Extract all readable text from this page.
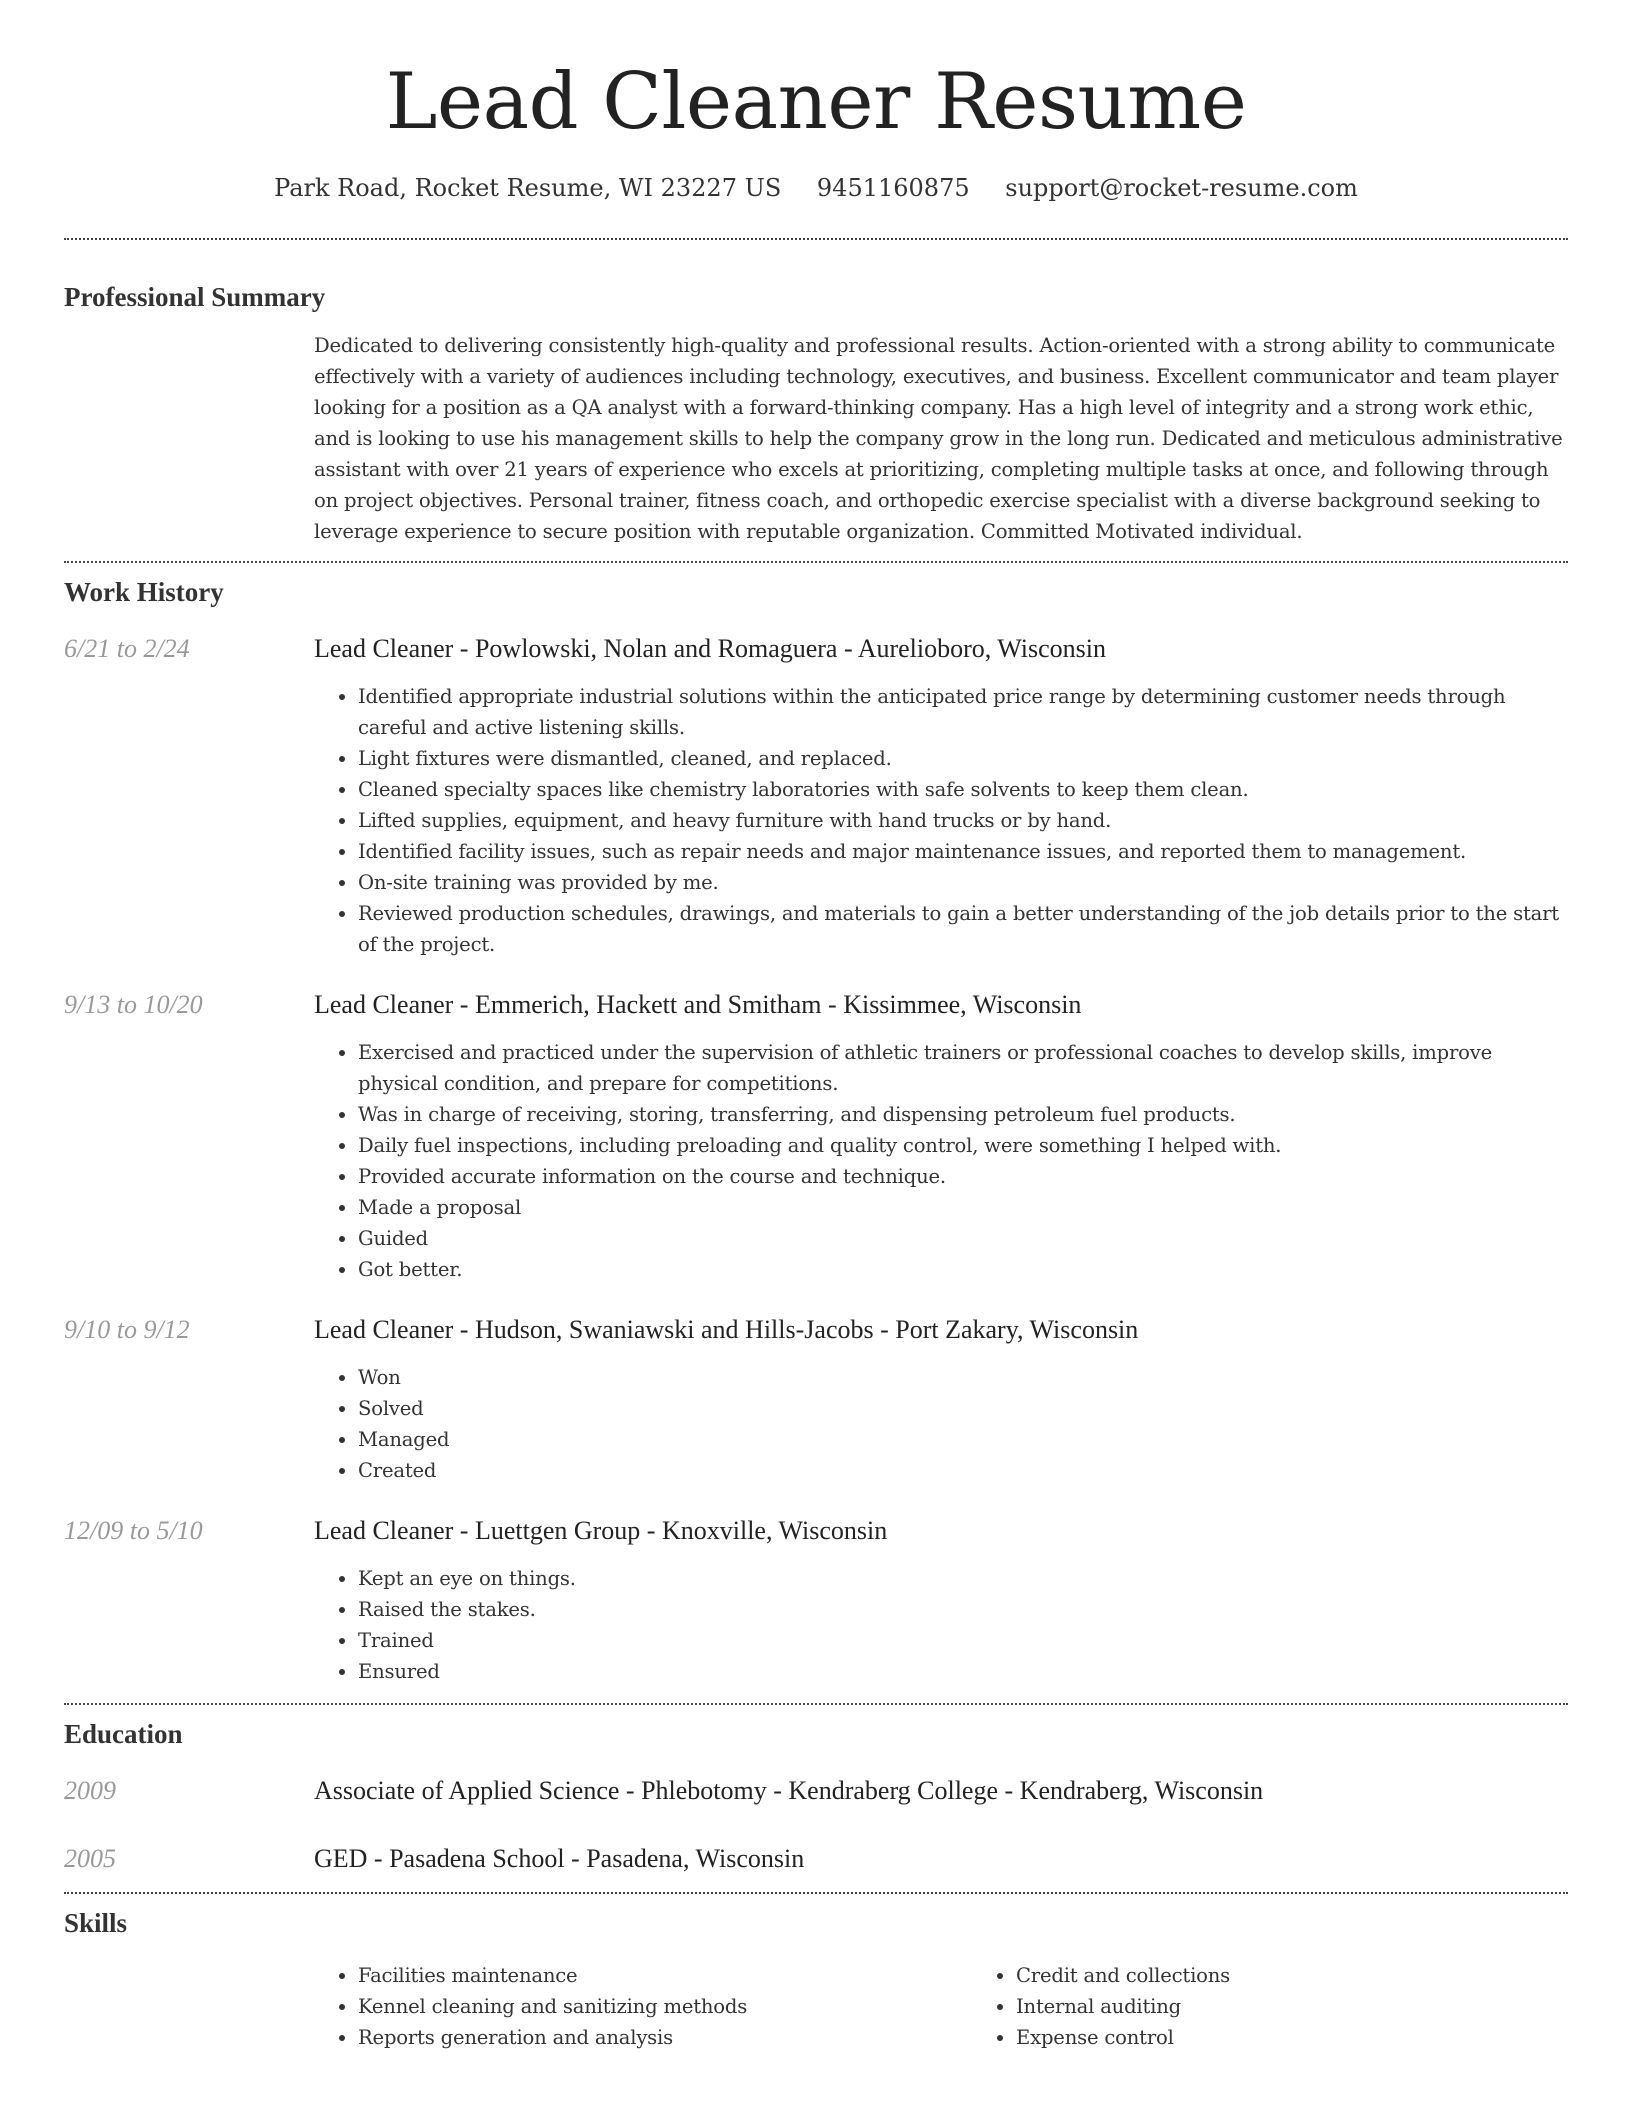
Lead Cleaner Resume
Park Road, Rocket Resume, WI 23227 US 9451160875 support@rocket-resume.com
Professional Summary

Dedicated to delivering consistently high-quality and professional results. Action-oriented with a strong ability to communicate effectively with a variety of audiences including technology, executives, and business. Excellent communicator and team player looking for a position as a QA analyst with a forward-thinking company. Has a high level of integrity and a strong work ethic, and is looking to use his management skills to help the company grow in the long run. Dedicated and meticulous administrative assistant with over 21 years of experience who excels at prioritizing, completing multiple tasks at once, and following through on project objectives. Personal trainer, fitness coach, and orthopedic exercise specialist with a diverse background seeking to leverage experience to secure position with reputable organization. Committed Motivated individual.

Work History
6/21 to 2/24	Lead Cleaner - Powlowski, Nolan and Romaguera - Aurelioboro, Wisconsin
• Identified appropriate industrial solutions within the anticipated price range by determining customer needs through careful and active listening skills.
• Light fixtures were dismantled, cleaned, and replaced.
• Cleaned specialty spaces like chemistry laboratories with safe solvents to keep them clean.
• Lifted supplies, equipment, and heavy furniture with hand trucks or by hand.
• Identified facility issues, such as repair needs and major maintenance issues, and reported them to management.
• On-site training was provided by me.
• Reviewed production schedules, drawings, and materials to gain a better understanding of the job details prior to the start of the project.
9/13 to 10/20	Lead Cleaner - Emmerich, Hackett and Smitham - Kissimmee, Wisconsin
• Exercised and practiced under the supervision of athletic trainers or professional coaches to develop skills, improve physical condition, and prepare for competitions.
• Was in charge of receiving, storing, transferring, and dispensing petroleum fuel products.
• Daily fuel inspections, including preloading and quality control, were something I helped with.
• Provided accurate information on the course and technique.
• Made a proposal
• Guided
• Got better.
9/10 to 9/12	Lead Cleaner - Hudson, Swaniawski and Hills-Jacobs - Port Zakary, Wisconsin
• Won
• Solved
• Managed
• Created
12/09 to 5/10	Lead Cleaner - Luettgen Group - Knoxville, Wisconsin
• Kept an eye on things.
• Raised the stakes.
• Trained
• Ensured
Education
2009	Associate of Applied Science - Phlebotomy - Kendraberg College - Kendraberg, Wisconsin
2005	GED - Pasadena School - Pasadena, Wisconsin
Skills
• Facilities maintenance
• Kennel cleaning and sanitizing methods
• Reports generation and analysis
• Credit and collections
• Internal auditing
• Expense control
